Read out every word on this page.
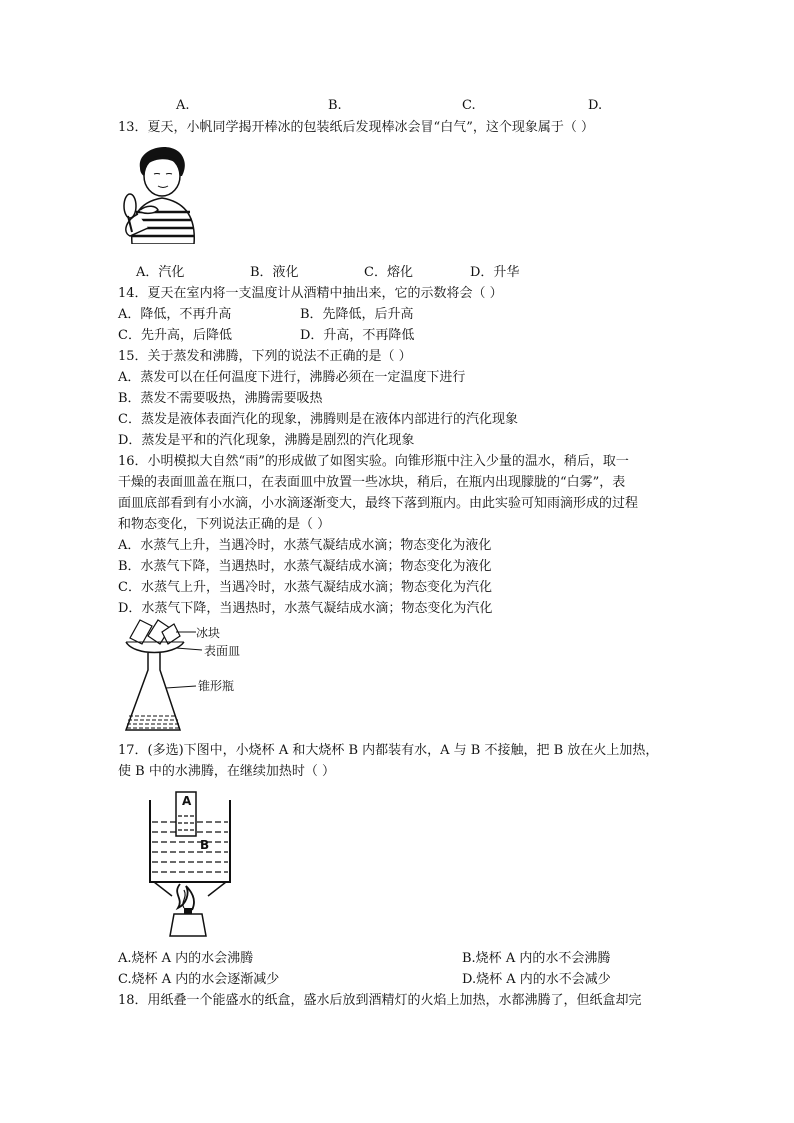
A.	B.	C.	D.
13．夏天，小帆同学揭开棒冰的包装纸后发现棒冰会冒“白气”，这个现象属于（ ）
A．汽化	B．液化	C．熔化	D．升华
14．夏天在室内将一支温度计从酒精中抽出来，它的示数将会（ ）
A．降低，不再升高	B．先降低，后升高
C．先升高，后降低	D．升高，不再降低
15．关于蒸发和沸腾，下列的说法不正确的是（ ）
A．蒸发可以在任何温度下进行，沸腾必须在一定温度下进行
B．蒸发不需要吸热，沸腾需要吸热
C．蒸发是液体表面汽化的现象，沸腾则是在液体内部进行的汽化现象
D．蒸发是平和的汽化现象，沸腾是剧烈的汽化现象
16．小明模拟大自然“雨”的形成做了如图实验。向锥形瓶中注入少量的温水，稍后，取一
干燥的表面皿盖在瓶口，在表面皿中放置一些冰块，稍后，在瓶内出现朦胧的“白雾”，表
面皿底部看到有小水滴，小水滴逐渐变大，最终下落到瓶内。由此实验可知雨滴形成的过程
和物态变化，下列说法正确的是（ ）
A．水蒸气上升，当遇冷时，水蒸气凝结成水滴；物态变化为液化
B．水蒸气下降，当遇热时，水蒸气凝结成水滴；物态变化为液化
C．水蒸气上升，当遇冷时，水蒸气凝结成水滴；物态变化为汽化
D．水蒸气下降，当遇热时，水蒸气凝结成水滴；物态变化为汽化
冰块
表面皿
锥形瓶
17．(多选)下图中，小烧杯 A 和大烧杯 B 内都装有水，A 与 B 不接触，把 B 放在火上加热，
使 B 中的水沸腾，在继续加热时（ ）
A
B
A.烧杯 A 内的水会沸腾	B.烧杯 A 内的水不会沸腾
C.烧杯 A 内的水会逐渐减少	D.烧杯 A 内的水不会减少
18．用纸叠一个能盛水的纸盒，盛水后放到酒精灯的火焰上加热，水都沸腾了，但纸盒却完
